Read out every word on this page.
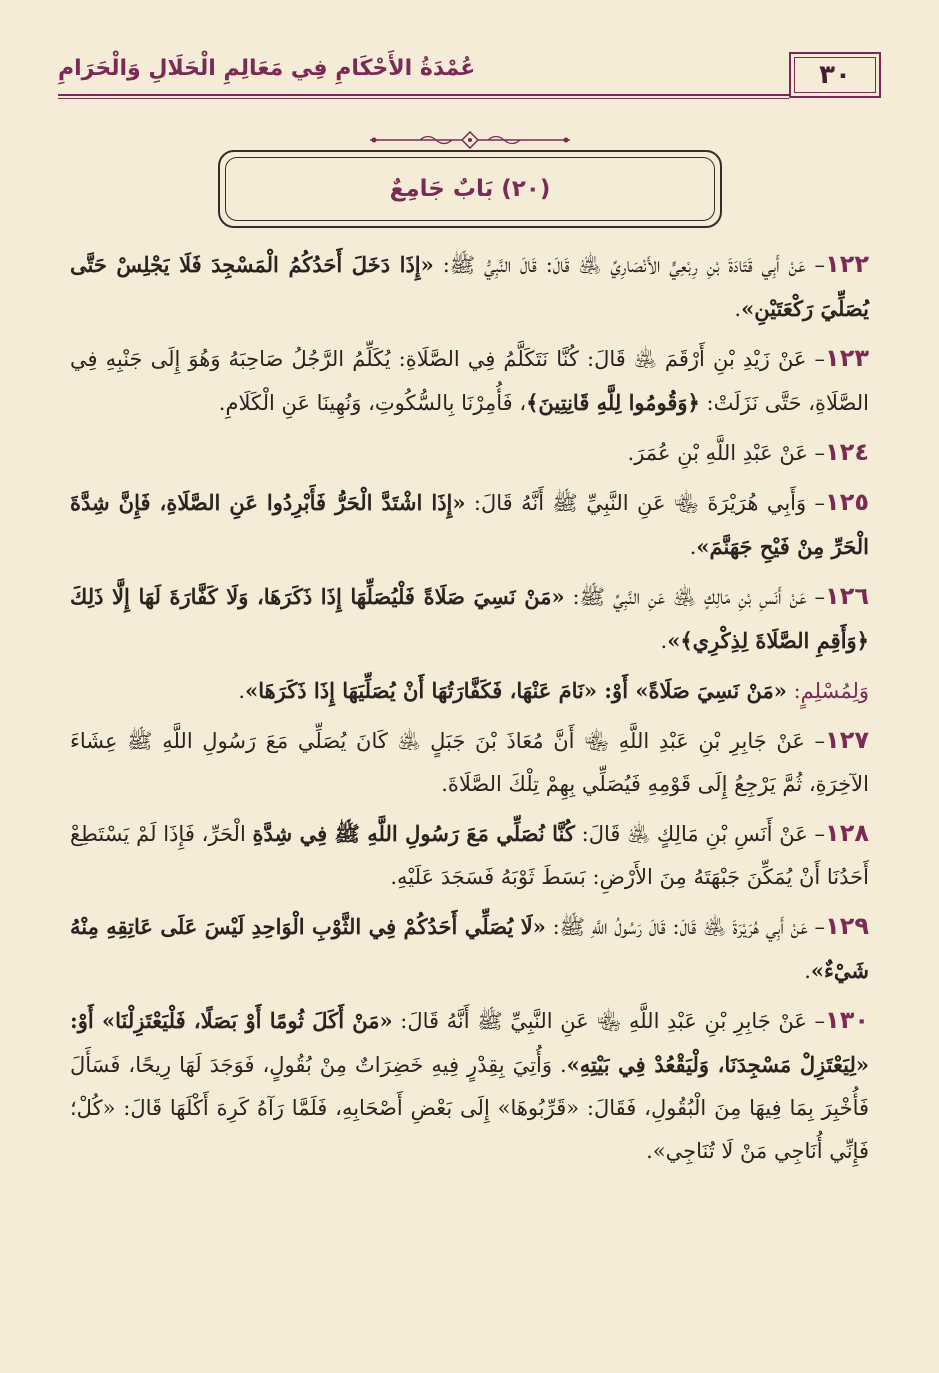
عُمْدَةُ الأَحْكَامِ فِي مَعَالِمِ الْحَلَالِ وَالْحَرَامِ	٣٠
(٢٠) بَابٌ جَامِعٌ

١٢٢– عَنْ أَبِي قَتَادَةَ بْنِ رِبْعِيٍّ الأَنْصَارِيِّ ﵁ قَالَ: قَالَ النَّبِيُّ ﷺ: «إِذَا دَخَلَ أَحَدُكُمُ الْمَسْجِدَ فَلَا يَجْلِسْ حَتَّى يُصَلِّيَ رَكْعَتَيْنِ».

١٢٣– عَنْ زَيْدِ بْنِ أَرْقَمَ ﵁ قَالَ: كُنَّا نَتَكَلَّمُ فِي الصَّلَاةِ: يُكَلِّمُ الرَّجُلُ صَاحِبَهُ وَهُوَ إِلَى جَنْبِهِ فِي الصَّلَاةِ، حَتَّى نَزَلَتْ: ﴿وَقُومُوا لِلَّهِ قَانِتِينَ﴾، فَأُمِرْنَا بِالسُّكُوتِ، وَنُهِينَا عَنِ الْكَلَامِ.

١٢٤– عَنْ عَبْدِ اللَّهِ بْنِ عُمَرَ.

١٢٥– وَأَبِي هُرَيْرَةَ ﵄ عَنِ النَّبِيِّ ﷺ أَنَّهُ قَالَ: «إِذَا اشْتَدَّ الْحَرُّ فَأَبْرِدُوا عَنِ الصَّلَاةِ، فَإِنَّ شِدَّةَ الْحَرِّ مِنْ فَيْحِ جَهَنَّمَ».

١٢٦– عَنْ أَنَسِ بْنِ مَالِكٍ ﵁ عَنِ النَّبِيِّ ﷺ: «مَنْ نَسِيَ صَلَاةً فَلْيُصَلِّهَا إِذَا ذَكَرَهَا، وَلَا كَفَّارَةَ لَهَا إِلَّا ذَلِكَ ﴿وَأَقِمِ الصَّلَاةَ لِذِكْرِي﴾».

وَلِمُسْلِمٍ: «مَنْ نَسِيَ صَلَاةً» أَوْ: «نَامَ عَنْهَا، فَكَفَّارَتُهَا أَنْ يُصَلِّيَهَا إِذَا ذَكَرَهَا».

١٢٧– عَنْ جَابِرِ بْنِ عَبْدِ اللَّهِ ﵄ أَنَّ مُعَاذَ بْنَ جَبَلٍ ﵁ كَانَ يُصَلِّي مَعَ رَسُولِ اللَّهِ ﷺ عِشَاءَ الآخِرَةِ، ثُمَّ يَرْجِعُ إِلَى قَوْمِهِ فَيُصَلِّي بِهِمْ تِلْكَ الصَّلَاةَ.

١٢٨– عَنْ أَنَسِ بْنِ مَالِكٍ ﵁ قَالَ: كُنَّا نُصَلِّي مَعَ رَسُولِ اللَّهِ ﷺ فِي شِدَّةِ الْحَرِّ، فَإِذَا لَمْ يَسْتَطِعْ أَحَدُنَا أَنْ يُمَكِّنَ جَبْهَتَهُ مِنَ الأَرْضِ: بَسَطَ ثَوْبَهُ فَسَجَدَ عَلَيْهِ.

١٢٩– عَنْ أَبِي هُرَيْرَةَ ﵁ قَالَ: قَالَ رَسُولُ اللَّهِ ﷺ: «لَا يُصَلِّي أَحَدُكُمْ فِي الثَّوْبِ الْوَاحِدِ لَيْسَ عَلَى عَاتِقِهِ مِنْهُ شَيْءٌ».

١٣٠– عَنْ جَابِرِ بْنِ عَبْدِ اللَّهِ ﵄ عَنِ النَّبِيِّ ﷺ أَنَّهُ قَالَ: «مَنْ أَكَلَ ثُومًا أَوْ بَصَلًا، فَلْيَعْتَزِلْنَا» أَوْ: «لِيَعْتَزِلْ مَسْجِدَنَا، وَلْيَقْعُدْ فِي بَيْتِهِ». وَأُتِيَ بِقِدْرٍ فِيهِ خَضِرَاتٌ مِنْ بُقُولٍ، فَوَجَدَ لَهَا رِيحًا، فَسَأَلَ فَأُخْبِرَ بِمَا فِيهَا مِنَ الْبُقُولِ، فَقَالَ: «قَرِّبُوهَا» إِلَى بَعْضِ أَصْحَابِهِ، فَلَمَّا رَآهُ كَرِهَ أَكْلَهَا قَالَ: «كُلْ؛ فَإِنِّي أُنَاجِي مَنْ لَا تُنَاجِي».
